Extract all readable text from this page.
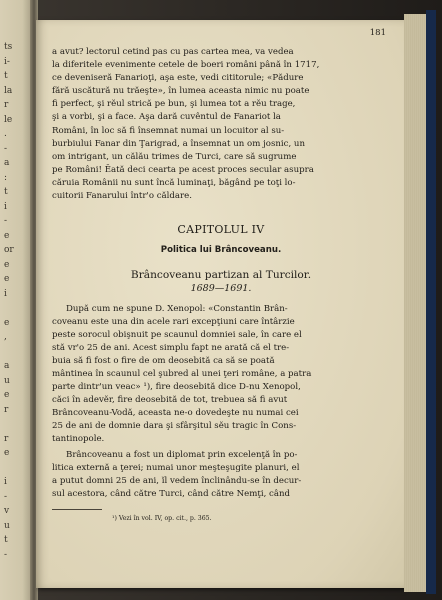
ts
i-
t
la
r
le
.
-
a
:
t
i
-
e
or
e
e
i

e
,

a
u
e
r

r
e

i
-
v
u
t
-
181

a avut? lectorul cetind pas cu pas cartea mea, va vedea

la diferitele evenimente cetele de boeri români până în 1717,

ce deveniseră Fanarioţi, aşa este, vedi cititorule; «Pădure

fără uscătură nu trăeşte», în lumea aceasta nimic nu poate

fi perfect, şi rĕul strică pe bun, şi lumea tot a rĕu trage,

şi a vorbi, şi a face. Aşa dară cuvêntul de Fanariot la

Români, în loc să fi însemnat numai un locuitor al su-

burbiului Fanar din Ţarigrad, a însemnat un om josnic, un

om intrigant, un călău trimes de Turci, care să sugrume

pe Români! Ĕată deci cearta pe acest proces secular asupra

căruia Românii nu sunt încă luminaţi, băgând pe toţi lo-

cuitorii Fanarului într'o căldare.

CAPITOLUL IV
Politica lui Brâncoveanu.
Brâncoveanu partizan al Turcilor.
1689—1691.

După cum ne spune D. Xenopol: «Constantin Brân-

coveanu este una din acele rari excepţiuni care întârzie

peste sorocul obişnuit pe scaunul domniei sale, în care el

stă vr'o 25 de ani. Acest simplu fapt ne arată că el tre-

buia să fi fost o fire de om deosebită ca să se poată

mântinea în scaunul cel şubred al unei ţeri române, a patra

parte dintr'un veac» ¹), fire deosebită dice D-nu Xenopol,

căci în adevĕr, fire deosebită de tot, trebuea să fi avut

Brâncoveanu-Vodă, aceasta ne-o dovedeşte nu numai cei

25 de ani de domnie dara şi sfârşitul sĕu tragic în Cons-

tantinopole.

Brâncoveanu a fost un diplomat prin excelenţă în po-

litica externă a ţerei; numai unor meşteşugite planuri, el

a putut domni 25 de ani, ĭl vedem înclinându-se în decur-

sul acestora, când către Turci, când către Nemţi, când

¹) Vezi în vol. IV, op. cit., p. 365.
